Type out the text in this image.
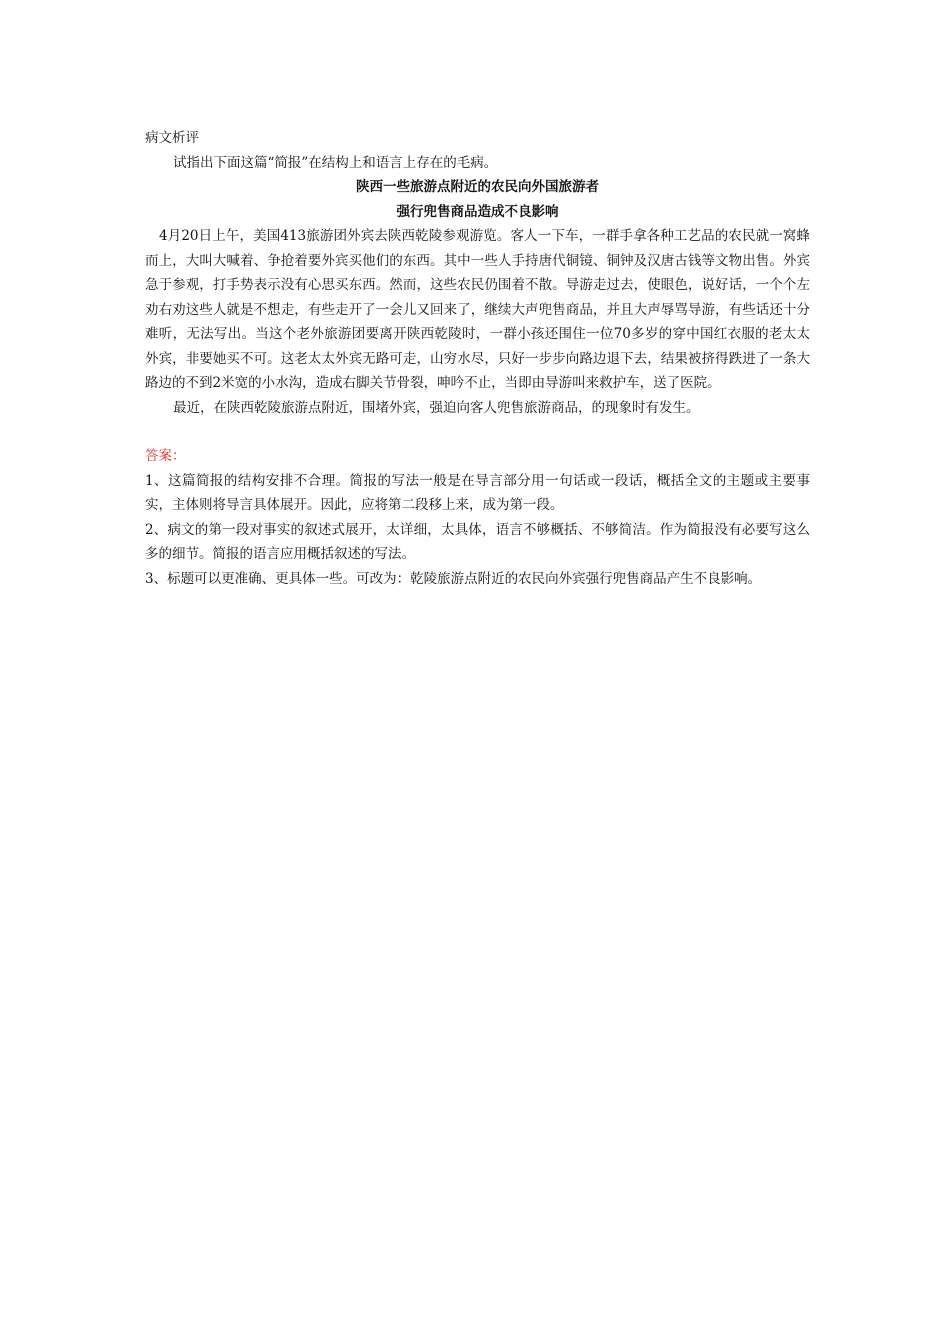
病文析评

试指出下面这篇“简报”在结构上和语言上存在的毛病。

陕西一些旅游点附近的农民向外国旅游者

强行兜售商品造成不良影响

4月20日上午，美国413旅游团外宾去陕西乾陵参观游览。客人一下车，一群手拿各种工艺品的农民就一窝蜂而上，大叫大喊着、争抢着要外宾买他们的东西。其中一些人手持唐代铜镜、铜钟及汉唐古钱等文物出售。外宾急于参观，打手势表示没有心思买东西。然而，这些农民仍围着不散。导游走过去，使眼色，说好话，一个个左劝右劝这些人就是不想走，有些走开了一会儿又回来了，继续大声兜售商品，并且大声辱骂导游，有些话还十分难听，无法写出。当这个老外旅游团要离开陕西乾陵时，一群小孩还围住一位70多岁的穿中国红衣服的老太太外宾，非要她买不可。这老太太外宾无路可走，山穷水尽，只好一步步向路边退下去，结果被挤得跌进了一条大路边的不到2米宽的小水沟，造成右脚关节骨裂，呻吟不止，当即由导游叫来救护车，送了医院。

最近，在陕西乾陵旅游点附近，围堵外宾，强迫向客人兜售旅游商品，的现象时有发生。

答案：

1、这篇简报的结构安排不合理。简报的写法一般是在导言部分用一句话或一段话，概括全文的主题或主要事实，主体则将导言具体展开。因此，应将第二段移上来，成为第一段。

2、病文的第一段对事实的叙述式展开，太详细，太具体，语言不够概括、不够简洁。作为简报没有必要写这么多的细节。简报的语言应用概括叙述的写法。

3、标题可以更准确、更具体一些。可改为：乾陵旅游点附近的农民向外宾强行兜售商品产生不良影响。
